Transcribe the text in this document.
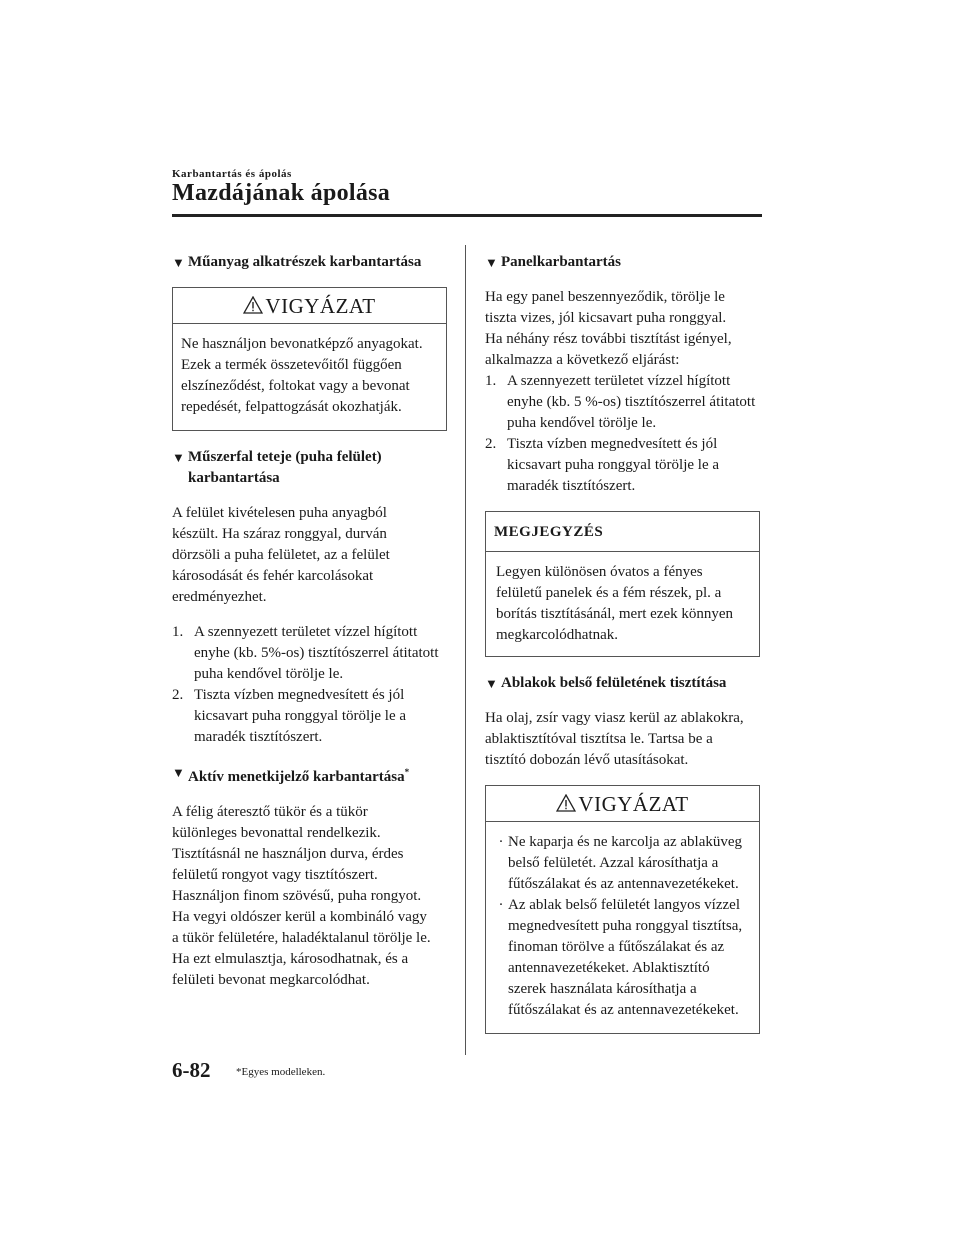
Karbantartás és ápolás
Mazdájának ápolása
▼ Műanyag alkatrészek karbantartása
VIGYÁZAT

Ne használjon bevonatképző anyagokat.

Ezek a termék összetevőitől függően

elszíneződést, foltokat vagy a bevonat

repedését, felpattogzását okozhatják.

▼ Műszerfal teteje (puha felület) karbantartása

A felület kivételesen puha anyagból

készült. Ha száraz ronggyal, durván

dörzsöli a puha felületet, az a felület

károsodását és fehér karcolásokat

eredményezhet.

1. A szennyezett területet vízzel hígított enyhe (kb. 5%-os) tisztítószerrel átitatott puha kendővel törölje le.
2. Tiszta vízben megnedvesített és jól kicsavart puha ronggyal törölje le a maradék tisztítószert.
▼ Aktív menetkijelző karbantartása*

A félig áteresztő tükör és a tükör

különleges bevonattal rendelkezik.

Tisztításnál ne használjon durva, érdes

felületű rongyot vagy tisztítószert.

Használjon finom szövésű, puha rongyot.

Ha vegyi oldószer kerül a kombináló vagy

a tükör felületére, haladéktalanul törölje le.

Ha ezt elmulasztja, károsodhatnak, és a

felületi bevonat megkarcolódhat.

▼ Panelkarbantartás

Ha egy panel beszennyeződik, törölje le

tiszta vizes, jól kicsavart puha ronggyal.

Ha néhány rész további tisztítást igényel,

alkalmazza a következő eljárást:

1. A szennyezett területet vízzel hígított enyhe (kb. 5 %-os) tisztítószerrel átitatott puha kendővel törölje le.
2. Tiszta vízben megnedvesített és jól kicsavart puha ronggyal törölje le a maradék tisztítószert.
MEGJEGYZÉS

Legyen különösen óvatos a fényes

felületű panelek és a fém részek, pl. a

borítás tisztításánál, mert ezek könnyen

megkarcolódhatnak.

▼ Ablakok belső felületének tisztítása

Ha olaj, zsír vagy viasz kerül az ablakokra,

ablaktisztítóval tisztítsa le. Tartsa be a

tisztító dobozán lévő utasításokat.

VIGYÁZAT
· Ne kaparja és ne karcolja az ablaküveg belső felületét. Azzal károsíthatja a fűtőszálakat és az antennavezetékeket.
· Az ablak belső felületét langyos vízzel megnedvesített puha ronggyal tisztítsa, finoman törölve a fűtőszálakat és az antennavezetékeket. Ablaktisztító szerek használata károsíthatja a fűtőszálakat és az antennavezetékeket.
6-82 *Egyes modelleken.
